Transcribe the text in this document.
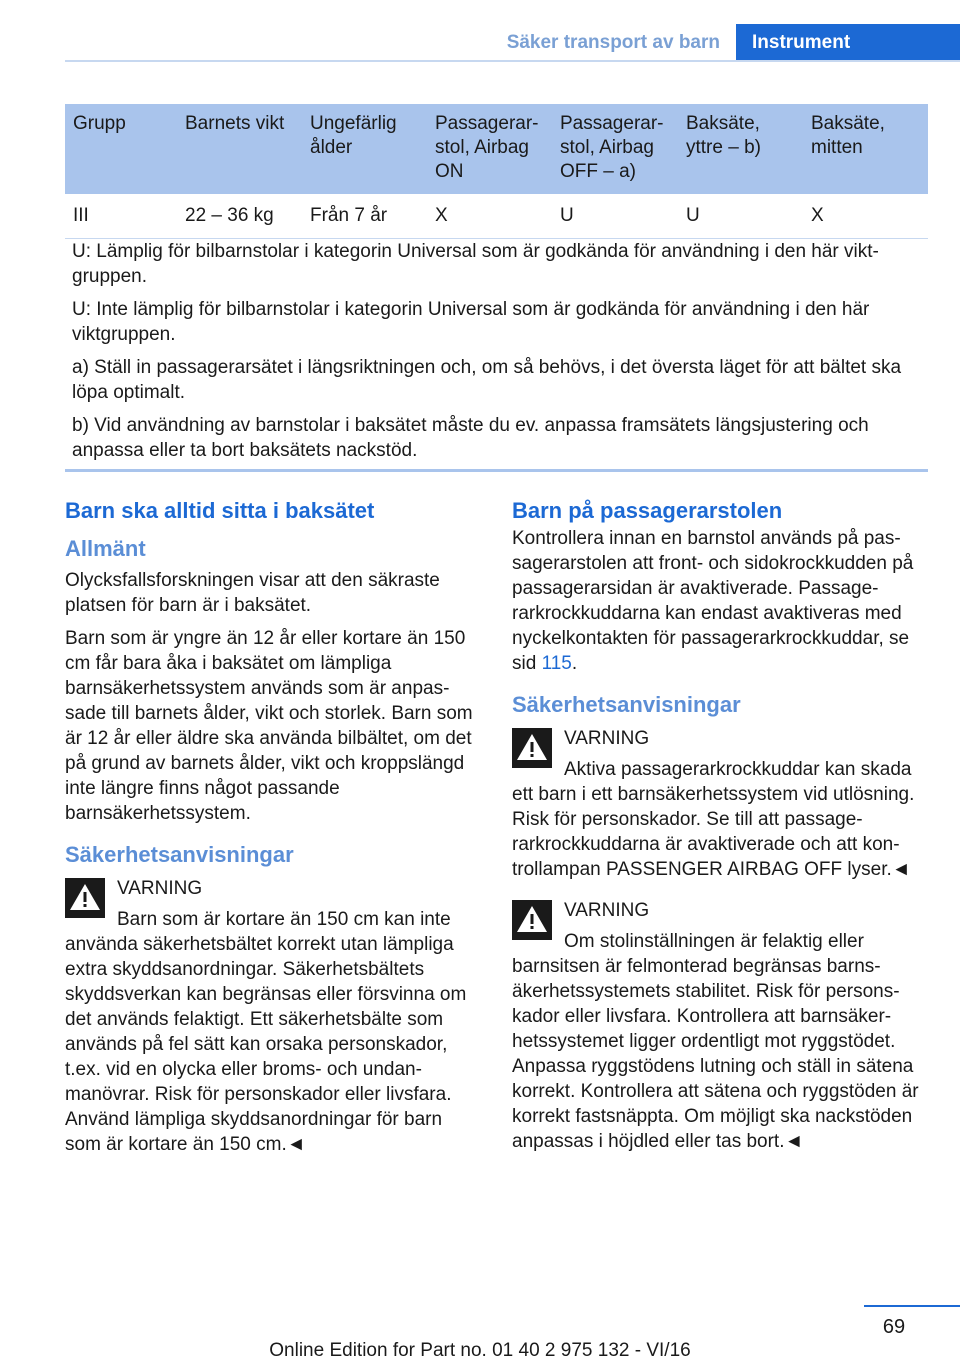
Säker transport av barn	Instrument
Grupp	Barnets vikt	Ungefärlig ålder	Passagerar-stol, Airbag ON	Passagerar-stol, Airbag OFF – a)	Baksäte, yttre – b)	Baksäte, mitten
III	22 – 36 kg	Från 7 år	X	U	U	X

U: Lämplig för bilbarnstolar i kategorin Universal som är godkända för användning i den här viktgruppen.

U: Inte lämplig för bilbarnstolar i kategorin Universal som är godkända för användning i den här viktgruppen.

a) Ställ in passagerarsätet i längsriktningen och, om så behövs, i det översta läget för att bältet ska löpa optimalt.

b) Vid användning av barnstolar i baksätet måste du ev. anpassa framsätets längsjustering och anpassa eller ta bort baksätets nackstöd.

Barn ska alltid sitta i baksätet
Allmänt

Olycksfallsforskningen visar att den säkraste platsen för barn är i baksätet.

Barn som är yngre än 12 år eller kortare än 150 cm får bara åka i baksätet om lämpliga barnsäkerhetssystem används som är anpassade till barnets ålder, vikt och storlek. Barn som är 12 år eller äldre ska använda bilbältet, om det på grund av barnets ålder, vikt och kroppslängd inte längre finns något passande barnsäkerhetssystem.

Säkerhetsanvisningar
VARNING
Barn som är kortare än 150 cm kan inte använda säkerhetsbältet korrekt utan lämpliga extra skyddsanordningar. Säkerhetsbältets skyddsverkan kan begränsas eller försvinna om det används felaktigt. Ett säkerhetsbälte som används på fel sätt kan orsaka personskador, t.ex. vid en olycka eller broms- och undanmanövrar. Risk för personskador eller livsfara. Använd lämpliga skyddsanordningar för barn som är kortare än 150 cm.◄
Barn på passagerarstolen

Kontrollera innan en barnstol används på passagerarstolen att front- och sidokrockkudden på passagerarsidan är avaktiverade. Passagerarkrockkuddarna kan endast avaktiveras med nyckelkontakten för passagerarkrockkuddar, se sid 115.

Säkerhetsanvisningar
VARNING
Aktiva passagerarkrockkuddar kan skada ett barn i ett barnsäkerhetssystem vid utlösning. Risk för personskador. Se till att passagerarkrockkuddarna är avaktiverade och att kontrollampan PASSENGER AIRBAG OFF lyser.◄
VARNING
Om stolinställningen är felaktig eller barnsitsen är felmonterad begränsas barnsäkerhetssystemets stabilitet. Risk för personskador eller livsfara. Kontrollera att barnsäkerhetssystemet ligger ordentligt mot ryggstödet. Anpassa ryggstödens lutning och ställ in sätena korrekt. Kontrollera att sätena och ryggstöden är korrekt fastsnäppta. Om möjligt ska nackstöden anpassas i höjdled eller tas bort.◄
69
Online Edition for Part no. 01 40 2 975 132 - VI/16
